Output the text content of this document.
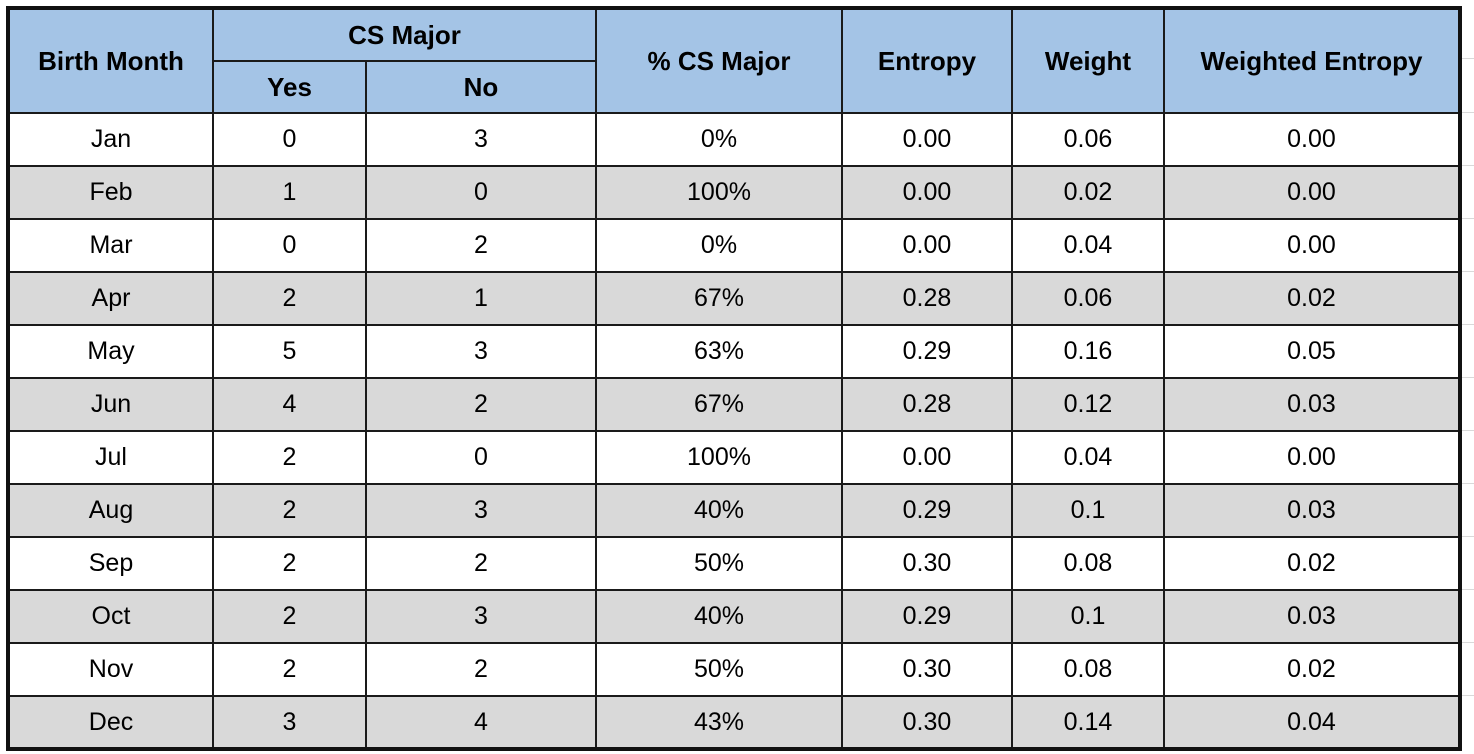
Birth Month	CS Major		% CS Major	Entropy	Weight	Weighted Entropy
	Yes	No				
Jan	0	3	0%	0.00	0.06	0.00
Feb	1	0	100%	0.00	0.02	0.00
Mar	0	2	0%	0.00	0.04	0.00
Apr	2	1	67%	0.28	0.06	0.02
May	5	3	63%	0.29	0.16	0.05
Jun	4	2	67%	0.28	0.12	0.03
Jul	2	0	100%	0.00	0.04	0.00
Aug	2	3	40%	0.29	0.1	0.03
Sep	2	2	50%	0.30	0.08	0.02
Oct	2	3	40%	0.29	0.1	0.03
Nov	2	2	50%	0.30	0.08	0.02
Dec	3	4	43%	0.30	0.14	0.04
